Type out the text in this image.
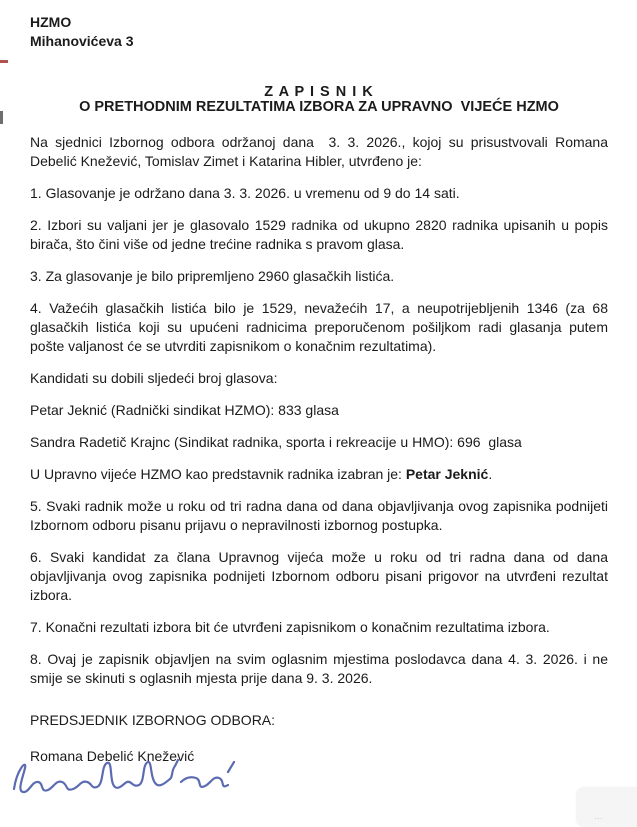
HZMO
Mihanovićeva 3
Z A P I S N I K
O PRETHODNIM REZULTATIMA IZBORA ZA UPRAVNO  VIJEĆE HZMO

Na sjednici Izbornog odbora održanoj dana  3. 3. 2026., kojoj su prisustvovali Romana Debelić Knežević, Tomislav Zimet i Katarina Hibler, utvrđeno je:

1. Glasovanje je održano dana 3. 3. 2026. u vremenu od 9 do 14 sati.

2. Izbori su valjani jer je glasovalo 1529 radnika od ukupno 2820 radnika upisanih u popis birača, što čini više od jedne trećine radnika s pravom glasa.

3. Za glasovanje je bilo pripremljeno 2960 glasačkih listića.

4. Važećih glasačkih listića bilo je 1529, nevažećih 17, a neupotrijebljenih 1346 (za 68 glasačkih listića koji su upućeni radnicima preporučenom pošiljkom radi glasanja putem pošte valjanost će se utvrditi zapisnikom o konačnim rezultatima).

Kandidati su dobili sljedeći broj glasova:

Petar Jeknić (Radnički sindikat HZMO): 833 glasa

Sandra Radetič Krajnc (Sindikat radnika, sporta i rekreacije u HMO): 696  glasa

U Upravno vijeće HZMO kao predstavnik radnika izabran je: Petar Jeknić.

5. Svaki radnik može u roku od tri radna dana od dana objavljivanja ovog zapisnika podnijeti Izbornom odboru pisanu prijavu o nepravilnosti izbornog postupka.

6. Svaki kandidat za člana Upravnog vijeća može u roku od tri radna dana od dana objavljivanja ovog zapisnika podnijeti Izbornom odboru pisani prigovor na utvrđeni rezultat izbora.

7. Konačni rezultati izbora bit će utvrđeni zapisnikom o konačnim rezultatima izbora.

8. Ovaj je zapisnik objavljen na svim oglasnim mjestima poslodavca dana 4. 3. 2026. i ne smije se skinuti s oglasnih mjesta prije dana 9. 3. 2026.

PREDSJEDNIK IZBORNOG ODBORA:

Romana Debelić Knežević

…
